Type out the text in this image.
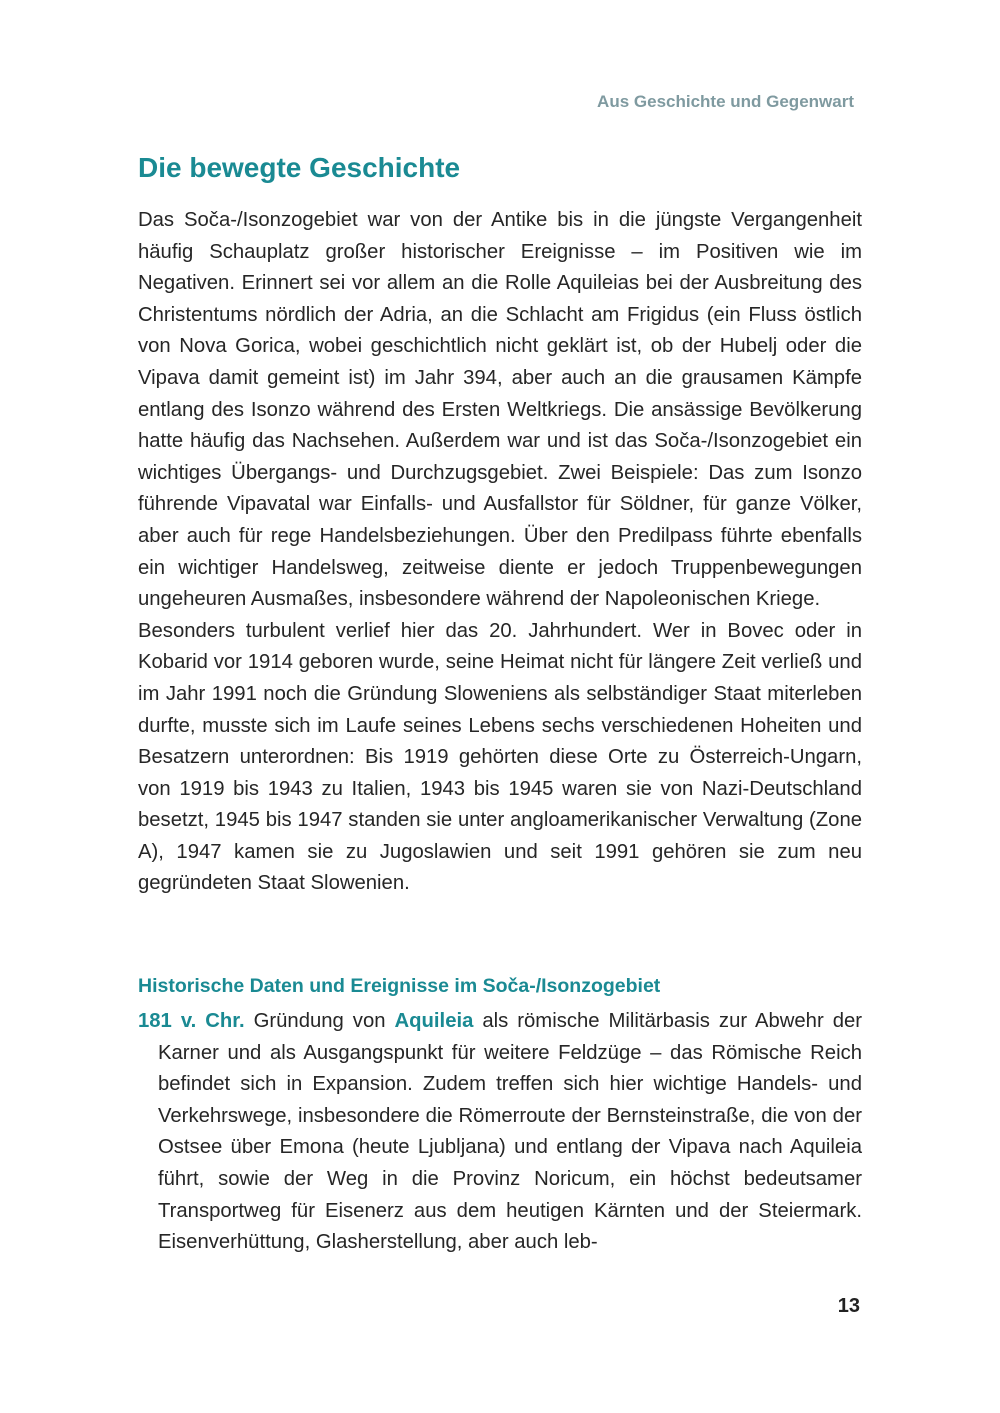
Aus Geschichte und Gegenwart
Die bewegte Geschichte

Das Soča-/Isonzogebiet war von der Antike bis in die jüngste Vergangenheit häufig Schauplatz großer historischer Ereignisse – im Positiven wie im Negativen. Erinnert sei vor allem an die Rolle Aquileias bei der Ausbreitung des Christentums nördlich der Adria, an die Schlacht am Frigidus (ein Fluss östlich von Nova Gorica, wobei geschichtlich nicht geklärt ist, ob der Hubelj oder die Vipava damit gemeint ist) im Jahr 394, aber auch an die grausamen Kämpfe entlang des Isonzo während des Ersten Weltkriegs. Die ansässige Bevölkerung hatte häufig das Nachsehen. Außerdem war und ist das Soča-/Isonzogebiet ein wichtiges Übergangs- und Durchzugsgebiet. Zwei Beispiele: Das zum Isonzo führende Vipavatal war Einfalls- und Ausfallstor für Söldner, für ganze Völker, aber auch für rege Handelsbeziehungen. Über den Predilpass führte ebenfalls ein wichtiger Handelsweg, zeitweise diente er jedoch Truppenbewegungen ungeheuren Ausmaßes, insbesondere während der Napoleonischen Kriege.

Besonders turbulent verlief hier das 20. Jahrhundert. Wer in Bovec oder in Kobarid vor 1914 geboren wurde, seine Heimat nicht für längere Zeit verließ und im Jahr 1991 noch die Gründung Sloweniens als selbständiger Staat miterleben durfte, musste sich im Laufe seines Lebens sechs verschiedenen Hoheiten und Besatzern unterordnen: Bis 1919 gehörten diese Orte zu Österreich-Ungarn, von 1919 bis 1943 zu Italien, 1943 bis 1945 waren sie von Nazi-Deutschland besetzt, 1945 bis 1947 standen sie unter angloamerikanischer Verwaltung (Zone A), 1947 kamen sie zu Jugoslawien und seit 1991 gehören sie zum neu gegründeten Staat Slowenien.

Historische Daten und Ereignisse im Soča-/Isonzogebiet
181 v. Chr. Gründung von Aquileia als römische Militärbasis zur Abwehr der Karner und als Ausgangspunkt für weitere Feldzüge – das Römische Reich befindet sich in Expansion. Zudem treffen sich hier wichtige Handels- und Verkehrswege, insbesondere die Römerroute der Bernsteinstraße, die von der Ostsee über Emona (heute Ljubljana) und entlang der Vipava nach Aquileia führt, sowie der Weg in die Provinz Noricum, ein höchst bedeutsamer Transportweg für Eisenerz aus dem heutigen Kärnten und der Steiermark. Eisenverhüttung, Glasherstellung, aber auch leb-
13
